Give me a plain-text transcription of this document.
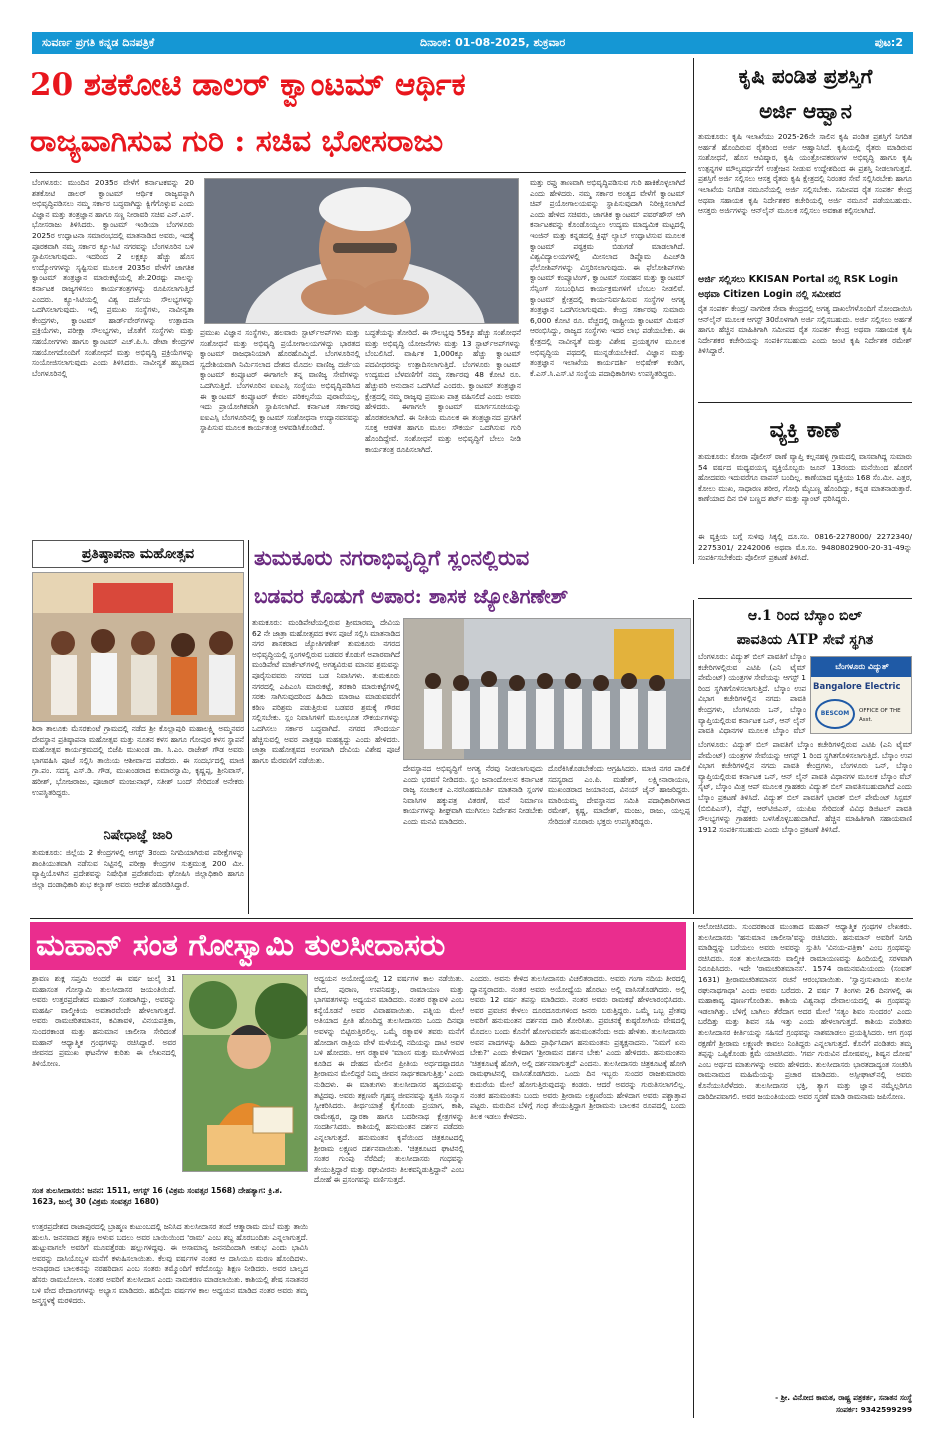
ಸುವರ್ಣ ಪ್ರಗತಿ ಕನ್ನಡ ದಿನಪತ್ರಿಕೆ	ದಿನಾಂಕ: 01-08-2025, ಶುಕ್ರವಾರ	ಪುಟ:2
20 ಶತಕೋಟಿ ಡಾಲರ್ ಕ್ವಾಂಟಮ್ ಆರ್ಥಿಕ
ರಾಜ್ಯವಾಗಿಸುವ ಗುರಿ : ಸಚಿವ ಭೋಸರಾಜು
ಬೆಂಗಳೂರು: ಮುಂದಿನ 2035ರ ವೇಳೆಗೆ ಕರ್ನಾಟಕವನ್ನು 20 ಶತಕೋಟಿ ಡಾಲರ್ ಕ್ವಾಂಟಮ್ ಆರ್ಥಿಕ ರಾಜ್ಯವನ್ನಾಗಿ ಅಭಿವೃದ್ಧಿಪಡಿಸಲು ನಮ್ಮ ಸರ್ಕಾರ ಬದ್ಧವಾಗಿದ್ದು ಕ್ವಿಗೆಗೊಳ್ಳುವ ಎಂದು ವಿಜ್ಞಾನ ಮತ್ತು ತಂತ್ರಜ್ಞಾನ ಹಾಗೂ ಸಣ್ಣ ನೀರಾವರಿ ಸಚಿವ ಎನ್.ಎಸ್. ಭೋಸರಾಜು ತಿಳಿಸಿದರು. ಕ್ವಾಂಟಮ್ ಇಂಡಿಯಾ ಬೆಂಗಳೂರು 2025ರ ಉದ್ಘಾಟನಾ ಸಮಾರಂಭದಲ್ಲಿ ಮಾತನಾಡಿದ ಅವರು, ಇದಕ್ಕೆ ಪೂರಕವಾಗಿ ನಮ್ಮ ಸರ್ಕಾರ ಕ್ಯೂ-ಸಿಟಿ ನಗರವನ್ನು ಬೆಂಗಳೂರಿನ ಬಳಿ ಸ್ಥಾಪಿಸಲಾಗುವುದು. ಇದರಿಂದ 2 ಲಕ್ಷಕ್ಕೂ ಹೆಚ್ಚು ಹೊಸ ಉದ್ಯೋಗಗಳನ್ನು ಸೃಷ್ಟಿಸುವ ಮೂಲಕ 2035ರ ವೇಳೆಗೆ ಜಾಗತಿಕ ಕ್ವಾಂಟಮ್ ತಂತ್ರಜ್ಞಾನ ಮಾರುಕಟ್ಟೆಯಲ್ಲಿ ಶೇ.20ರಷ್ಟು ಪಾಲನ್ನು ಕರ್ನಾಟಕ ರಾಜ್ಯಗಳಿಸಲು ಕಾರ್ಯತಂತ್ರಗಳನ್ನು ರೂಪಿಸಲಾಗುತ್ತಿದೆ ಎಂದರು. ಕ್ಯೂ-ಸಿಟಿಯಲ್ಲಿ ವಿಶ್ವ ದರ್ಜೆಯ ಸೌಲಭ್ಯಗಳನ್ನು ಒದಗಿಸಲಾಗುವುದು. ಇಲ್ಲಿ ಪ್ರಮುಖ ಸಂಸ್ಥೆಗಳು, ನಾವೀನ್ಯತಾ ಕೇಂದ್ರಗಳು, ಕ್ವಾಂಟಮ್ ಹಾರ್ಡ್‌ವೇರ್‌ಗಳನ್ನು ಉತ್ಪಾದನಾ ಪ್ರಕ್ರಿಯೆಗಳು, ಪರೀಕ್ಷಾ ಸೌಲಭ್ಯಗಳು, ಜೊತೆಗೆ ಸಂಸ್ಥೆಗಳು ಮತ್ತು ಸಹಯೋಗಗಳು ಹಾಗೂ ಕ್ವಾಂಟಮ್ ಎಚ್.ಪಿ.ಸಿ. ಡೇಟಾ ಕೇಂದ್ರಗಳ ಸಹಯೋಗದೊಂದಿಗೆ ಸಂಶೋಧನೆ ಮತ್ತು ಅಭಿವೃದ್ಧಿ ಪ್ರಕ್ರಿಯೆಗಳನ್ನು ಸಂಯೋಜಿಸಲಾಗುವುದು ಎಂದು ತಿಳಿಸಿದರು. ನಾವೀನ್ಯತೆ ಹಬ್ಬವಾದ ಬೆಂಗಳೂರಿನಲ್ಲಿ
ಪ್ರಮುಖ ವಿಜ್ಞಾನ ಸಂಸ್ಥೆಗಳು, ಹಲವಾರು ಸ್ಟಾರ್ಟ್‌ಅಪ್‌ಗಳು ಮತ್ತು ಸಂಶೋಧನೆ ಮತ್ತು ಅಭಿವೃದ್ಧಿ ಪ್ರಯೋಗಾಲಯಗಳಿದ್ದು ಭಾರತದ ಕ್ವಾಂಟಮ್ ರಾಜಧಾನಿಯಾಗಿ ಹೊರಹೊಮ್ಮಿದೆ. ಬೆಂಗಳೂರಿನಲ್ಲಿ ಸ್ವದೇಶಿಯವಾಗಿ ನಿರ್ಮಿಸಲಾದ ದೇಶದ ಮೊದಲ ವಾಣಿಜ್ಯ ದರ್ಜೆಯ ಕ್ವಾಂಟಮ್ ಕಂಪ್ಯೂಟರ್ ಈಗಾಗಲೇ ತನ್ನ ವಾಣಿಜ್ಯ ಸೇವೆಗಳನ್ನು ಒದಗಿಸುತ್ತಿದೆ. ಬೆಂಗಳೂರಿನ ಐಐಎಸ್ಸಿ ಸಂಸ್ಥೆಯು ಅಭಿವೃದ್ಧಿಪಡಿಸಿದ ಈ ಕ್ವಾಂಟಮ್ ಕಂಪ್ಯೂಟರ್ ಕೇವಲ ಪರಿಕಲ್ಪನೆಯ ಪುರಾವೆಯಲ್ಲ, ಇದು ಪ್ರಾಯೋಗಿಕವಾಗಿ ಸ್ಥಾಪಿಸಲಾಗಿದೆ. ಕರ್ನಾಟಕ ಸರ್ಕಾರವು ಐಐಎಸ್ಸಿ ಬೆಂಗಳೂರಿನಲ್ಲಿ ಕ್ವಾಂಟಮ್ ಸಂಶೋಧನಾ ಉದ್ಯಾನವನವನ್ನು ಸ್ಥಾಪಿಸುವ ಮೂಲಕ ಕಾರ್ಯತಂತ್ರ ಅಳವಡಿಸಿಕೊಂಡಿದೆ.
ಬದ್ಧತೆಯನ್ನು ತೋರಿದೆ. ಈ ಸೌಲಭ್ಯವು 55ಕ್ಕೂ ಹೆಚ್ಚು ಸಂಶೋಧನೆ ಮತ್ತು ಅಭಿವೃದ್ಧಿ ಯೋಜನೆಗಳು ಮತ್ತು 13 ಸ್ಟಾರ್ಟ್‌ಅಪ್‌ಗಳನ್ನು ಬೆಂಬಲಿಸಿದೆ. ವಾರ್ಷಿಕ 1,000ಕ್ಕೂ ಹೆಚ್ಚು ಕ್ವಾಂಟಮ್ ಪದವೀಧರರನ್ನು ಉತ್ಪಾದಿಸಲಾಗುತ್ತಿದೆ. ಬೆಂಗಳೂರು ಕ್ವಾಂಟಮ್ ಉದ್ಯಮದ ಬೆಳವಣಿಗೆಗೆ ನಮ್ಮ ಸರ್ಕಾರವು 48 ಕೋಟಿ ರೂ. ಹೆಚ್ಚುವರಿ ಅನುದಾನ ಒದಗಿಸಿದೆ ಎಂದರು. ಕ್ವಾಂಟಮ್ ತಂತ್ರಜ್ಞಾನ ಕ್ಷೇತ್ರದಲ್ಲಿ ನಮ್ಮ ರಾಜ್ಯವು ಪ್ರಮುಖ ಪಾತ್ರ ವಹಿಸಲಿದೆ ಎಂದು ಅವರು ಹೇಳಿದರು. ಈಗಾಗಲೇ ಕ್ವಾಂಟಮ್ ಮಾರ್ಗಸೂಚಿಯನ್ನು ಹೊರತರಲಾಗಿದೆ. ಈ ನೀತಿಯ ಮೂಲಕ ಈ ತಂತ್ರಜ್ಞಾನದ ಪ್ರಗತಿಗೆ ಸೂಕ್ತ ಆಡಳಿತ ಹಾಗೂ ಮೂಲ ಸೌಕರ್ಯ ಒದಗಿಸುವ ಗುರಿ ಹೊಂದಿದ್ದೇವೆ. ಸಂಶೋಧನೆ ಮತ್ತು ಅಭಿವೃದ್ಧಿಗೆ ಬೇಲು ನೀಡಿ ಕಾರ್ಯತಂತ್ರ ರೂಪಿಸಲಾಗಿದೆ.
ಮತ್ತು ರಫ್ತು ತಾಣವಾಗಿ ಅಭಿವೃದ್ಧಿಪಡಿಸುವ ಗುರಿ ಹಾಕಿಕೊಳ್ಳಲಾಗಿದೆ ಎಂದು ಹೇಳಿದರು. ನಮ್ಮ ಸರ್ಕಾರ ಅಂತ್ಯದ ವೇಳೆಗೆ ಕ್ವಾಂಟಮ್ ಚಿಪ್ ಪ್ರಯೋಗಾಲಯವನ್ನು ಸ್ಥಾಪಿಸುವುದಾಗಿ ನಿರೀಕ್ಷಿಸಲಾಗಿದೆ ಎಂದು ಹೇಳಿದ ಸಚಿವರು, ಜಾಗತಿಕ ಕ್ವಾಂಟಮ್ ಪವರ್‌ಹೌಸ್ ಆಗಿ ಕರ್ನಾಟಕವನ್ನು ಕೊಂಡೊಯ್ಯಲು ಉದ್ಯಮ ಮಾದ್ಯಮಿಕ ಮಟ್ಟದಲ್ಲಿ ಇಂಜಿನ್ ಮತ್ತು ಕನ್ನಡದಲ್ಲಿ ಕ್ರಿಪ್ಟ್ ಲ್ಯಾಬ್ ಉದ್ಘಾಟಿಸುವ ಮೂಲಕ ಕ್ವಾಂಟಮ್ ಪಠ್ಯಕ್ರಮ ಬಿಡುಗಡೆ ಮಾಡಲಾಗಿದೆ. ವಿಶ್ವವಿದ್ಯಾಲಯಗಳಲ್ಲಿ ಮೀಸಲಾದ ಡಿಪ್ಲೊಮ ಪಿಎಚ್‌ಡಿ ಫೆಲೋಶಿಪ್‌ಗಳನ್ನು ವಿಸ್ತರಿಸಲಾಗುವುದು. ಈ ಫೆಲೋಶಿಪ್‌ಗಳು ಕ್ವಾಂಟಮ್ ಕಂಪ್ಯೂಟಿಂಗ್, ಕ್ವಾಂಟಮ್ ಸಂವಹನ ಮತ್ತು ಕ್ವಾಂಟಮ್ ಸೆನ್ಸಿಂಗ್ ಸಂಬಂಧಿಸಿದ ಕಾರ್ಯಕ್ರಮಗಳಿಗೆ ಬೆಂಬಲ ನೀಡಲಿವೆ. ಕ್ವಾಂಟಮ್ ಕ್ಷೇತ್ರದಲ್ಲಿ ಕಾರ್ಯನಿರ್ವಹಿಸುವ ಸಂಸ್ಥೆಗಳ ಅಗತ್ಯ ತಂತ್ರಜ್ಞಾನ ಒದಗಿಸಲಾಗುವುದು. ಕೇಂದ್ರ ಸರ್ಕಾರವು ಸುಮಾರು 6,000 ಕೋಟಿ ರೂ. ವೆಚ್ಚದಲ್ಲಿ ರಾಷ್ಟ್ರೀಯ ಕ್ವಾಂಟಮ್ ಮಿಷನ್ ಆರಂಭಿಸಿದ್ದು, ರಾಜ್ಯದ ಸಂಸ್ಥೆಗಳು ಇದರ ಲಾಭ ಪಡೆಯಬೇಕು. ಈ ಕ್ಷೇತ್ರದಲ್ಲಿ ನಾವೀನ್ಯತೆ ಮತ್ತು ವಿಶೇಷ ಪ್ರಯತ್ನಗಳ ಮೂಲಕ ಅಭಿವೃದ್ಧಿಯ ಪಥದಲ್ಲಿ ಮುನ್ನಡೆಯಬೇಕಿದೆ. ವಿಜ್ಞಾನ ಮತ್ತು ತಂತ್ರಜ್ಞಾನ ಇಲಾಖೆಯ ಕಾರ್ಯದರ್ಶಿ ಅಭಿಷೇಕ್ ಕಂಡಿಗ, ಕೆ.ಎಸ್.ಸಿ.ಎಸ್.ಟಿ ಸಂಸ್ಥೆಯ ಪದಾಧಿಕಾರಿಗಳು ಉಪಸ್ಥಿತರಿದ್ದರು.
ಕೃಷಿ ಪಂಡಿತ ಪ್ರಶಸ್ತಿಗೆ
ಅರ್ಜಿ ಆಹ್ವಾನ
ತುಮಕೂರು: ಕೃಷಿ ಇಲಾಖೆಯು 2025-26ನೇ ಸಾಲಿನ ಕೃಷಿ ಪಂಡಿತ ಪ್ರಶಸ್ತಿಗೆ ನಿಗದಿತ ಅರ್ಹತೆ ಹೊಂದಿರುವ ರೈತರಿಂದ ಅರ್ಜಿ ಆಹ್ವಾನಿಸಿದೆ. ಕೃಷಿಯಲ್ಲಿ ರೈತರು ಮಾಡಿರುವ ಸಂಶೋಧನೆ, ಹೊಸ ಆವಿಷ್ಕಾರ, ಕೃಷಿ ಯಂತ್ರೋಪಕರಣಗಳ ಅಭಿವೃದ್ಧಿ ಹಾಗೂ ಕೃಷಿ ಉತ್ಪನ್ನಗಳ ಮೌಲ್ಯವರ್ಧನೆಗೆ ಉತ್ತೇಜನ ನೀಡುವ ಉದ್ದೇಶದಿಂದ ಈ ಪ್ರಶಸ್ತಿ ನೀಡಲಾಗುತ್ತದೆ. ಪ್ರಶಸ್ತಿಗೆ ಅರ್ಜಿ ಸಲ್ಲಿಸಲು ಆಸಕ್ತ ರೈತರು ಕೃಷಿ ಕ್ಷೇತ್ರದಲ್ಲಿ ನಿರಂತರ ಸೇವೆ ಸಲ್ಲಿಸಿರಬೇಕು ಹಾಗೂ ಇಲಾಖೆಯ ನಿಗದಿತ ನಮೂನೆಯಲ್ಲಿ ಅರ್ಜಿ ಸಲ್ಲಿಸಬೇಕು. ಸಮೀಪದ ರೈತ ಸಂಪರ್ಕ ಕೇಂದ್ರ ಅಥವಾ ಸಹಾಯಕ ಕೃಷಿ ನಿರ್ದೇಶಕರ ಕಚೇರಿಯಲ್ಲಿ ಅರ್ಜಿ ನಮೂನೆ ಪಡೆಯಬಹುದು. ಆಸಕ್ತರು ಅರ್ಜಿಗಳನ್ನು ಆನ್‌ಲೈನ್ ಮೂಲಕ ಸಲ್ಲಿಸಲು ಅವಕಾಶ ಕಲ್ಪಿಸಲಾಗಿದೆ.
ಅರ್ಜಿ ಸಲ್ಲಿಸಲು KKISAN Portal ನಲ್ಲಿ RSK Login ಅಥವಾ Citizen Login ನಲ್ಲಿ ಸಮೀಪದ
ರೈತ ಸಂಪರ್ಕ ಕೇಂದ್ರ/ ನಾಗರೀಕ ಸೇವಾ ಕೇಂದ್ರದಲ್ಲಿ ಅಗತ್ಯ ದಾಖಲೆಗಳೊಂದಿಗೆ ನೋಂದಾಯಿಸಿ ಆನ್‌ಲೈನ್ ಮೂಲಕ ಆಗಸ್ಟ್ 30ರೊಳಗಾಗಿ ಅರ್ಜಿ ಸಲ್ಲಿಸಬಹುದು. ಅರ್ಜಿ ಸಲ್ಲಿಸಲು ಅರ್ಹತೆ ಹಾಗೂ ಹೆಚ್ಚಿನ ಮಾಹಿತಿಗಾಗಿ ಸಮೀಪದ ರೈತ ಸಂಪರ್ಕ ಕೇಂದ್ರ ಅಥವಾ ಸಹಾಯಕ ಕೃಷಿ ನಿರ್ದೇಶಕರ ಕಚೇರಿಯನ್ನು ಸಂಪರ್ಕಿಸಬಹುದು ಎಂದು ಜಂಟಿ ಕೃಷಿ ನಿರ್ದೇಶಕ ರಮೇಶ್ ತಿಳಿಸಿದ್ದಾರೆ.
ವ್ಯಕ್ತಿ ಕಾಣೆ
ತುಮಕೂರು: ಕೋರಾ ಪೊಲೀಸ್ ಠಾಣೆ ವ್ಯಾಪ್ತಿ ಕಲ್ಲನಹಳ್ಳಿ ಗ್ರಾಮದಲ್ಲಿ ವಾಸವಾಗಿದ್ದ ಸುಮಾರು 54 ವರ್ಷದ ಮಧ್ಯವಯಸ್ಕ ವ್ಯಕ್ತಿಯೊಬ್ಬರು ಜೂನ್ 13ರಂದು ಮನೆಯಿಂದ ಹೊರಗೆ ಹೋದವರು ಇದುವರೆಗೂ ವಾಪಸ್ ಬಂದಿಲ್ಲ. ಕಾಣೆಯಾದ ವ್ಯಕ್ತಿಯು 168 ಸೆಂ.ಮೀ. ಎತ್ತರ, ಕೋಲು ಮುಖ, ಸಾಧಾರಣ ಶರೀರ, ಗೋಧಿ ಮೈಬಣ್ಣ ಹೊಂದಿದ್ದು, ಕನ್ನಡ ಮಾತನಾಡುತ್ತಾರೆ. ಕಾಣೆಯಾದ ದಿನ ಬಿಳಿ ಬಣ್ಣದ ಶರ್ಟ್ ಮತ್ತು ಪ್ಯಾಂಟ್ ಧರಿಸಿದ್ದರು.
ಈ ವ್ಯಕ್ತಿಯ ಬಗ್ಗೆ ಸುಳಿವು ಸಿಕ್ಕಲ್ಲಿ ದೂ.ಸಂ. 0816-2278000/ 2272340/ 2275301/ 2242006 ಅಥವಾ ಮೊ.ಸಂ. 9480802900-20-31-49ನ್ನು ಸಂಪರ್ಕಿಸಬೇಕೆಂದು ಪೊಲೀಸ್ ಪ್ರಕಟಣೆ ತಿಳಿಸಿದೆ.
ಪ್ರತಿಷ್ಠಾಪನಾ ಮಹೋತ್ಸವ
ಶಿರಾ ತಾಲೂಕು ಮೆಸರಕುಂಟೆ ಗ್ರಾಮದಲ್ಲಿ ನಡೆದ ಶ್ರೀ ಕೊಲ್ಲಾಪುರಿ ಮಹಾಲಕ್ಷ್ಮಿ ಅಮ್ಮನವರ ದೇವಸ್ಥಾನ ಪ್ರತಿಷ್ಠಾಪನಾ ಮಹೋತ್ಸವ ಮತ್ತು ನೂತನ ಕಳಸ ಹಾಗೂ ಗೋಪುರ ಕಳಸ ಸ್ಥಾಪನೆ ಮಹೋತ್ಸವ ಕಾರ್ಯಕ್ರಮದಲ್ಲಿ ಬಿಜೆಪಿ ಮುಖಂಡ ಡಾ. ಸಿ.ಎಂ. ರಾಜೇಶ್ ಗೌಡ ಅವರು ಭಾಗವಹಿಸಿ ಪೂಜೆ ಸಲ್ಲಿಸಿ ತಾಯಿಯ ಆಶೀರ್ವಾದ ಪಡೆದರು. ಈ ಸಂದರ್ಭದಲ್ಲಿ ಮಾಜಿ ಗ್ರಾ.ಪಂ. ಸದಸ್ಯ ಎಸ್.ಡಿ. ಗೌಡ, ಮುಖಂಡರಾದ ಕುಮಾರಸ್ವಾಮಿ, ಕೃಷ್ಣಪ್ಪ, ಶ್ರೀನಿವಾಸ್, ಹರೀಶ್, ಭೋಜರಾಜು, ಪೂಜಾರ್ ಮಂಜುನಾಥ್, ಸತೀಶ್ ಬಂದ್ ಸೇರಿದಂತೆ ಅನೇಕರು ಉಪಸ್ಥಿತರಿದ್ದರು.
ನಿಷೇಧಾಜ್ಞೆ ಜಾರಿ
ತುಮಕೂರು: ಜಿಲ್ಲೆಯ 2 ಕೇಂದ್ರಗಳಲ್ಲಿ ಆಗಸ್ಟ್ 3ರಂದು ನಿಗದಿಯಾಗಿರುವ ಪರೀಕ್ಷೆಗಳನ್ನು ಶಾಂತಿಯುತವಾಗಿ ನಡೆಸುವ ನಿಟ್ಟಿನಲ್ಲಿ ಪರೀಕ್ಷಾ ಕೇಂದ್ರಗಳ ಸುತ್ತಮುತ್ತ 200 ಮೀ. ವ್ಯಾಪ್ತಿಯೊಳಗಿನ ಪ್ರದೇಶವನ್ನು ನಿಷೇಧಿತ ಪ್ರದೇಶವೆಂದು ಘೋಷಿಸಿ ಜಿಲ್ಲಾಧಿಕಾರಿ ಹಾಗೂ ಜಿಲ್ಲಾ ದಂಡಾಧಿಕಾರಿ ಶುಭ ಕಲ್ಯಾಣ್ ಅವರು ಆದೇಶ ಹೊರಡಿಸಿದ್ದಾರೆ.
ತುಮಕೂರು ನಗರಾಭಿವೃದ್ಧಿಗೆ ಸ್ಲಂನಲ್ಲಿರುವ
ಬಡವರ ಕೊಡುಗೆ ಅಪಾರ: ಶಾಸಕ ಜ್ಯೋತಿಗಣೇಶ್
ತುಮಕೂರು: ಮಂಡಿಪೇಟೆಯಲ್ಲಿರುವ ಶ್ರೀಮಾರಮ್ಮ ದೇವಿಯ 62 ನೇ ಜಾತ್ರಾ ಮಹೋತ್ಸವದ ಕಳಸ ಪೂಜೆ ಸಲ್ಲಿಸಿ ಮಾತನಾಡಿದ ನಗರ ಶಾಸಕರಾದ ಜ್ಯೋತಿಗಣೇಶ್ ತುಮಕೂರು ನಗರದ ಅಭಿವೃದ್ಧಿಯಲ್ಲಿ ಸ್ಲಂಗಳಲ್ಲಿರುವ ಬಡವರ ಕೊಡುಗೆ ಅಪಾರವಾಗಿದೆ ಮಂಡಿಪೇಟೆ ಮಾರ್ಕೆಟ್‌ಗಳಲ್ಲಿ ಅಗತ್ಯವಿರುವ ಮಾನವ ಶ್ರಮವನ್ನು ಪೂರೈಸುವವರು ನಗರದ ಬಡ ನಿವಾಸಿಗಳು. ತುಮಕೂರು ನಗರದಲ್ಲಿ ಎಪಿಎಂಸಿ ಮಾರುಕಟ್ಟೆ, ತರಕಾರಿ ಮಾರುಕಟ್ಟೆಗಳಲ್ಲಿ ಸರಕು ಸಾಗಿಸುವುದರಿಂದ ಹಿಡಿದು ಮಾರಾಟ ಮಾಡುವವರೆಗೆ ಕಠಿಣ ಪರಿಶ್ರಮ ಪಡುತ್ತಿರುವ ಬಡವರ ಶ್ರಮಕ್ಕೆ ಗೌರವ ಸಲ್ಲಿಸಬೇಕು. ಸ್ಲಂ ನಿವಾಸಿಗಳಿಗೆ ಮೂಲಭೂತ ಸೌಕರ್ಯಗಳನ್ನು ಒದಗಿಸಲು ಸರ್ಕಾರ ಬದ್ಧವಾಗಿದೆ. ನಗರದ ಸೌಂದರ್ಯ ಹೆಚ್ಚಿಸುವಲ್ಲಿ ಅವರ ಪಾತ್ರವೂ ಮಹತ್ವದ್ದು ಎಂದು ಹೇಳಿದರು. ಜಾತ್ರಾ ಮಹೋತ್ಸವದ ಅಂಗವಾಗಿ ದೇವಿಯ ವಿಶೇಷ ಪೂಜೆ ಹಾಗೂ ಮೆರವಣಿಗೆ ನಡೆಯಿತು.
ದೇವಸ್ಥಾನದ ಅಭಿವೃದ್ಧಿಗೆ ಅಗತ್ಯ ನೆರವು ನೀಡಲಾಗುವುದು ಎಂದು ಭರವಸೆ ನೀಡಿದರು. ಸ್ಲಂ ಜನಾಂದೋಲನ ಕರ್ನಾಟಕ ರಾಜ್ಯ ಸಂಚಾಲಕ ಎ.ನರಸಿಂಹಮೂರ್ತಿ ಮಾತನಾಡಿ ಸ್ಲಂಗಳ ನಿವಾಸಿಗಳ ಹಕ್ಕುಪತ್ರ ವಿತರಣೆ, ಮನೆ ನಿರ್ಮಾಣ ಕಾರ್ಯಗಳನ್ನು ಶೀಘ್ರವಾಗಿ ಮುಗಿಸಲು ನಿರ್ದೇಶನ ನೀಡಬೇಕು ಎಂದು ಮನವಿ ಮಾಡಿದರು.
ದೊರೆಕಿಸಿಕೊಡಬೇಕೆಂದು ಆಗ್ರಹಿಸಿದರು. ಮಾಜಿ ನಗರ ಪಾಲಿಕೆ ಸದಸ್ಯರಾದ ಎಂ.ಪಿ. ಮಹೇಶ್, ಲಕ್ಷ್ಮೀನಾರಾಯಣ, ಮುಖಂಡರಾದ ಜಯಾನಂದ, ವಿನಯ್ ಜೈನ್ ಹಾಜರಿದ್ದರು. ಮಾರಿಯಮ್ಮ ದೇವಸ್ಥಾನದ ಸಮಿತಿ ಪದಾಧಿಕಾರಿಗಳಾದ ರಮೇಶ್, ಕೃಷ್ಣ, ಮಾದೇಶ್, ಮಂಜು, ರಾಜು, ಯಲ್ಲಪ್ಪ ಸೇರಿದಂತೆ ನೂರಾರು ಭಕ್ತರು ಉಪಸ್ಥಿತರಿದ್ದರು.
ಆ.1 ರಿಂದ ಬೆಸ್ಕಾಂ ಬಿಲ್
ಪಾವತಿಯ ATP ಸೇವೆ ಸ್ಥಗಿತ
ಬೆಂಗಳೂರು: ವಿದ್ಯುತ್ ಬಿಲ್ ಪಾವತಿಗೆ ಬೆಸ್ಕಾಂ ಕಚೇರಿಗಳಲ್ಲಿರುವ ಎಟಿಪಿ (ಎನಿ ಟೈಮ್ ಪೇಮೆಂಟ್) ಯಂತ್ರಗಳ ಸೇವೆಯನ್ನು ಆಗಸ್ಟ್ 1 ರಿಂದ ಸ್ಥಗಿತಗೊಳಿಸಲಾಗುತ್ತಿದೆ. ಬೆಸ್ಕಾಂ ಉಪ ವಿಭಾಗ ಕಚೇರಿಗಳಲ್ಲಿನ ನಗದು ಪಾವತಿ ಕೇಂದ್ರಗಳು, ಬೆಂಗಳೂರು ಒನ್, ಬೆಸ್ಕಾಂ ವ್ಯಾಪ್ತಿಯಲ್ಲಿರುವ ಕರ್ನಾಟಕ ಒನ್, ಆನ್ ಲೈನ್ ಪಾವತಿ ವಿಧಾನಗಳ ಮೂಲಕ ಬೆಸ್ಕಾಂ ವೆಬ್
ಬೆಂಗಳೂರು ವಿದ್ಯುತ್
Bangalore Electric
BESCOM	OFFICE OF THE Asst.
ಬೆಂಗಳೂರು: ವಿದ್ಯುತ್ ಬಿಲ್ ಪಾವತಿಗೆ ಬೆಸ್ಕಾಂ ಕಚೇರಿಗಳಲ್ಲಿರುವ ಎಟಿಪಿ (ಎನಿ ಟೈಮ್ ಪೇಮೆಂಟ್) ಯಂತ್ರಗಳ ಸೇವೆಯನ್ನು ಆಗಸ್ಟ್ 1 ರಿಂದ ಸ್ಥಗಿತಗೊಳಿಸಲಾಗುತ್ತಿದೆ. ಬೆಸ್ಕಾಂ ಉಪ ವಿಭಾಗ ಕಚೇರಿಗಳಲ್ಲಿನ ನಗದು ಪಾವತಿ ಕೇಂದ್ರಗಳು, ಬೆಂಗಳೂರು ಒನ್, ಬೆಸ್ಕಾಂ ವ್ಯಾಪ್ತಿಯಲ್ಲಿರುವ ಕರ್ನಾಟಕ ಒನ್, ಆನ್ ಲೈನ್ ಪಾವತಿ ವಿಧಾನಗಳ ಮೂಲಕ ಬೆಸ್ಕಾಂ ವೆಬ್ ಸೈಟ್, ಬೆಸ್ಕಾಂ ಮಿತ್ರ ಆಪ್ ಮೂಲಕ ಗ್ರಾಹಕರು ವಿದ್ಯುತ್ ಬಿಲ್ ಪಾವತಿಸಬಹುದಾಗಿದೆ ಎಂದು ಬೆಸ್ಕಾಂ ಪ್ರಕಟಣೆ ತಿಳಿಸಿದೆ. ವಿದ್ಯುತ್ ಬಿಲ್ ಪಾವತಿಗೆ ಭಾರತ್ ಬಿಲ್ ಪೇಮೆಂಟ್ ಸಿಸ್ಟಮ್ (ಬಿಬಿಪಿಎಸ್), ನೆಫ್ಟ್, ಆರ್‌ಟಿಜಿಎಸ್, ಯುಪಿಐ ಸೇರಿದಂತೆ ವಿವಿಧ ಡಿಜಿಟಲ್ ಪಾವತಿ ಸೌಲಭ್ಯಗಳನ್ನು ಗ್ರಾಹಕರು ಬಳಸಿಕೊಳ್ಳಬಹುದಾಗಿದೆ. ಹೆಚ್ಚಿನ ಮಾಹಿತಿಗಾಗಿ ಸಹಾಯವಾಣಿ 1912 ಸಂಪರ್ಕಿಸಬಹುದು ಎಂದು ಬೆಸ್ಕಾಂ ಪ್ರಕಟಣೆ ತಿಳಿಸಿದೆ.
ಮಹಾನ್ ಸಂತ ಗೋಸ್ವಾಮಿ ತುಲಸೀದಾಸರು
ಶ್ರಾವಣ ಶುಕ್ಲ ಸಪ್ತಮಿ ಅಂದರೆ ಈ ವರ್ಷ ಜುಲೈ 31 ಮಹಾಸಂತ ಗೋಸ್ವಾಮಿ ತುಲಸೀದಾಸರ ಜಯಂತಿಯಿದೆ. ಅವರು ಉತ್ತರಪ್ರದೇಶದ ಮಹಾನ್ ಸಂತರಾಗಿದ್ದು, ಅವರನ್ನು ಮಹರ್ಷಿ ವಾಲ್ಮೀಕಿಯ ಅವತಾರವೆಂದೇ ಹೇಳಲಾಗುತ್ತದೆ. ಅವರು ರಾಮಚರಿತಮಾನಸ, ಕವಿತಾವಳಿ, ವಿನಯಪತ್ರಿಕಾ, ಸುಂದರಕಾಂಡ ಮತ್ತು ಹನುಮಾನ ಚಾಲೀಸಾ ಸೇರಿದಂತೆ ಮಹಾನ್ ಆಧ್ಯಾತ್ಮಿಕ ಗ್ರಂಥಗಳನ್ನು ರಚಿಸಿದ್ದಾರೆ. ಅವರ ಜೀವನದ ಪ್ರಮುಖ ಘಟನೆಗಳ ಕುರಿತು ಈ ಲೇಖನದಲ್ಲಿ ತಿಳಿಯೋಣ.
ಸಂತ ತುಲಸೀದಾಸರು: ಜನನ: 1511, ಆಗಸ್ಟ್ 16 (ವಿಕ್ರಮ ಸಂವತ್ಸರ 1568) ದೇಹತ್ಯಾಗ: ಕ್ರಿ.ಶ. 1623, ಜುಲೈ 30 (ವಿಕ್ರಮ ಸಂವತ್ಸರ 1680)
ಉತ್ತರಪ್ರದೇಶದ ರಾಜಾಪುರದಲ್ಲಿ ಬ್ರಾಹ್ಮಣ ಕುಟುಂಬದಲ್ಲಿ ಜನಿಸಿದ ತುಲಸೀದಾಸರ ತಂದೆ ಆತ್ಮಾರಾಮ ದುಬೆ ಮತ್ತು ತಾಯಿ ಹುಲಸಿ. ಜನನವಾದ ತಕ್ಷಣ ಅಳುವ ಬದಲು ಅವರ ಬಾಯಿಯಿಂದ 'ರಾಮ' ಎಂಬ ಶಬ್ದ ಹೊರಬಂದಿತು ಎನ್ನಲಾಗುತ್ತದೆ. ಹುಟ್ಟುವಾಗಲೇ ಅವರಿಗೆ ಮೂವತ್ತೆರಡು ಹಲ್ಲುಗಳಿದ್ದವು. ಈ ಅಸಾಮಾನ್ಯ ಜನನದಿಂದಾಗಿ ಅಶುಭ ಎಂದು ಭಾವಿಸಿ ಅವರನ್ನು ದಾಸಿಯೊಬ್ಬಳ ಮನೆಗೆ ಕಳುಹಿಸಲಾಯಿತು. ಕೆಲವು ವರ್ಷಗಳ ನಂತರ ಆ ದಾಸಿಯೂ ಮರಣ ಹೊಂದಿದಳು. ಅನಾಥರಾದ ಬಾಲಕನನ್ನು ನರಹರಿದಾಸ ಎಂಬ ಸಂತರು ತಮ್ಮೊಂದಿಗೆ ಕರೆದೊಯ್ದು ಶಿಕ್ಷಣ ನೀಡಿದರು. ಅವರ ಬಾಲ್ಯದ ಹೆಸರು ರಾಮಬೋಲಾ. ನಂತರ ಅವರಿಗೆ ತುಲಸೀದಾಸ ಎಂದು ನಾಮಕರಣ ಮಾಡಲಾಯಿತು. ಕಾಶಿಯಲ್ಲಿ ಶೇಷ ಸನಾತನರ ಬಳಿ ವೇದ ವೇದಾಂಗಗಳನ್ನು ಅಭ್ಯಾಸ ಮಾಡಿದರು. ಹದಿನೈದು ವರ್ಷಗಳ ಕಾಲ ಅಧ್ಯಯನ ಮಾಡಿದ ನಂತರ ಅವರು ತಮ್ಮ ಜನ್ಮಸ್ಥಳಕ್ಕೆ ಮರಳಿದರು.
ಅಧ್ಯಯನ ಅಯೋಧ್ಯೆಯಲ್ಲಿ 12 ವರ್ಷಗಳ ಕಾಲ ನಡೆಯಿತು. ವೇದ, ಪುರಾಣ, ಉಪನಿಷತ್ತು, ರಾಮಾಯಣ ಮತ್ತು ಭಾಗವತಗಳನ್ನು ಅಧ್ಯಯನ ಮಾಡಿದರು. ನಂತರ ರತ್ನಾವಳಿ ಎಂಬ ಕನ್ಯೆಯೊಡನೆ ಅವರ ವಿವಾಹವಾಯಿತು. ಪತ್ನಿಯ ಮೇಲೆ ಅತಿಯಾದ ಪ್ರೀತಿ ಹೊಂದಿದ್ದ ತುಲಸೀದಾಸರು ಒಂದು ದಿನವೂ ಅವಳನ್ನು ಬಿಟ್ಟಿರುತ್ತಿರಲಿಲ್ಲ. ಒಮ್ಮೆ ರತ್ನಾವಳಿ ತವರು ಮನೆಗೆ ಹೋದಾಗ ರಾತ್ರಿಯ ವೇಳೆ ಮಳೆಯಲ್ಲಿ ನದಿಯನ್ನು ದಾಟಿ ಅವಳ ಬಳಿ ಹೋದರು. ಆಗ ರತ್ನಾವಳಿ 'ಮಾಂಸ ಮತ್ತು ಮೂಳೆಗಳಿಂದ ಕೂಡಿದ ಈ ದೇಹದ ಮೇಲಿನ ಪ್ರೀತಿಯ ಅರ್ಧದಷ್ಟಾದರೂ ಶ್ರೀರಾಮನ ಮೇಲಿದ್ದರೆ ನಿಮ್ಮ ಜೀವನ ಸಾರ್ಥಕವಾಗುತ್ತಿತ್ತು' ಎಂದು ನುಡಿದಳು. ಈ ಮಾತುಗಳು ತುಲಸೀದಾಸರ ಹೃದಯವನ್ನು ತಟ್ಟಿದವು. ಅವರು ತಕ್ಷಣವೇ ಗೃಹಸ್ಥ ಜೀವನವನ್ನು ತ್ಯಜಿಸಿ ಸಂನ್ಯಾಸ ಸ್ವೀಕರಿಸಿದರು. ತೀರ್ಥಯಾತ್ರೆ ಕೈಗೊಂಡು ಪ್ರಯಾಗ, ಕಾಶಿ, ರಾಮೇಶ್ವರ, ದ್ವಾರಕಾ ಹಾಗೂ ಬದರೀನಾಥ ಕ್ಷೇತ್ರಗಳನ್ನು ಸಂದರ್ಶಿಸಿದರು. ಕಾಶಿಯಲ್ಲಿ ಹನುಮಂತನ ದರ್ಶನ ಪಡೆದರು ಎನ್ನಲಾಗುತ್ತದೆ. ಹನುಮಂತನ ಕೃಪೆಯಿಂದ ಚಿತ್ರಕೂಟದಲ್ಲಿ ಶ್ರೀರಾಮ ಲಕ್ಷ್ಮಣರ ದರ್ಶನವಾಯಿತು. 'ಚಿತ್ರಕೂಟದ ಘಾಟಿನಲ್ಲಿ ಸಂತರ ಗುಂಪು ನೆರೆದಿದೆ; ತುಲಸೀದಾಸರು ಗಂಧವನ್ನು ತೇಯುತ್ತಿದ್ದಾರೆ ಮತ್ತು ರಘುವೀರನು ತಿಲಕವನ್ನಿಡುತ್ತಿದ್ದಾನೆ' ಎಂಬ ದೋಹೆ ಈ ಪ್ರಸಂಗವನ್ನು ವರ್ಣಿಸುತ್ತದೆ.
ಎಂದರು. ಅವನು ಕೇಳಿದ ತುಲಸೀದಾಸರು ವಿಚಲಿತರಾದರು. ಅವರು ಗಂಗಾ ನದಿಯ ತೀರದಲ್ಲಿ ಧ್ಯಾನಸ್ಥರಾದರು. ನಂತರ ಅವರು ಅಯೋಧ್ಯೆಯ ಹೊರಟು ಅಲ್ಲಿ ವಾಸಿಸತೊಡಗಿದರು. ಅಲ್ಲಿ ಅವರು 12 ವರ್ಷ ತಪಸ್ಸು ಮಾಡಿದರು. ನಂತರ ಅವರು ರಾಮಕಥೆ ಹೇಳಲಾರಂಭಿಸಿದರು. ಅವರ ಪ್ರವಚನ ಕೇಳಲು ದೂರದೂರುಗಳಿಂದ ಜನರು ಬರುತ್ತಿದ್ದರು. ಒಮ್ಮೆ ಒಬ್ಬ ಪ್ರೇತವು ಅವರಿಗೆ ಹನುಮಂತನ ದರ್ಶನದ ದಾರಿ ತೋರಿಸಿತು. ಪ್ರವಚನಕ್ಕೆ ಕುಷ್ಠರೋಗಿಯ ವೇಷದಲ್ಲಿ ಮೊದಲು ಬಂದು ಕೊನೆಗೆ ಹೋಗುವವನೇ ಹನುಮಂತನೆಂದು ಅದು ಹೇಳಿತು. ತುಲಸೀದಾಸರು ಅವನ ಪಾದಗಳನ್ನು ಹಿಡಿದು ಪ್ರಾರ್ಥಿಸಿದಾಗ ಹನುಮಂತನು ಪ್ರತ್ಯಕ್ಷನಾದನು. 'ನಿಮಗೆ ಏನು ಬೇಕು?' ಎಂದು ಕೇಳಿದಾಗ 'ಶ್ರೀರಾಮನ ದರ್ಶನ ಬೇಕು' ಎಂದು ಹೇಳಿದರು. ಹನುಮಂತನು 'ಚಿತ್ರಕೂಟಕ್ಕೆ ಹೋಗಿ, ಅಲ್ಲಿ ದರ್ಶನವಾಗುತ್ತದೆ' ಎಂದನು. ತುಲಸೀದಾಸರು ಚಿತ್ರಕೂಟಕ್ಕೆ ಹೋಗಿ ರಾಮಘಾಟಿನಲ್ಲಿ ವಾಸಿಸತೊಡಗಿದರು. ಒಂದು ದಿನ ಇಬ್ಬರು ಸುಂದರ ರಾಜಕುಮಾರರು ಕುದುರೆಯ ಮೇಲೆ ಹೋಗುತ್ತಿರುವುದನ್ನು ಕಂಡರು. ಆದರೆ ಅವರನ್ನು ಗುರುತಿಸಲಾಗಲಿಲ್ಲ. ನಂತರ ಹನುಮಂತನು ಬಂದು ಅವರು ಶ್ರೀರಾಮ ಲಕ್ಷ್ಮಣರೆಂದು ಹೇಳಿದಾಗ ಅವರು ಪಶ್ಚಾತ್ತಾಪ ಪಟ್ಟರು. ಮರುದಿನ ಬೆಳಿಗ್ಗೆ ಗಂಧ ತೇಯುತ್ತಿದ್ದಾಗ ಶ್ರೀರಾಮನು ಬಾಲಕನ ರೂಪದಲ್ಲಿ ಬಂದು ತಿಲಕ ಇಡಲು ಕೇಳಿದನು.
ಆಲೋಚಿಸಿದರು. ಸುಂದರಕಾಂಡ ಮುಂತಾದ ಮಹಾನ್ ಆಧ್ಯಾತ್ಮಿಕ ಗ್ರಂಥಗಳ ಲೇಖಕರು. ತುಲಸೀದಾಸರು 'ಹನುಮಾನ ಚಾಲೀಸಾ'ವನ್ನು ರಚಿಸಿದರು. ಹನುಮಾನ್ ಅವರಿಗೆ ನಿಗದಿ ಮಾಡಿದ್ದನ್ನು ಬರೆಯಲು ಅವರು ಅವರನ್ನು ಸ್ತುತಿಸಿ 'ವಿನಯ-ಪತ್ರಿಕಾ' ಎಂಬ ಗ್ರಂಥವನ್ನು ರಚಿಸಿದರು. ಸಂತ ತುಲಸೀದಾಸರು ವಾಲ್ಮೀಕಿ ರಾಮಾಯಣವನ್ನು ಹಿಂದಿಯಲ್ಲಿ ಸರಳವಾಗಿ ನಿರೂಪಿಸಿದರು. ಇದೇ 'ರಾಮಚರಿತಮಾನಸ'. 1574 ರಾಮನವಮಿಯಂದು (ಸಂವತ್ 1631) ಶ್ರೀರಾಮಚರಿತಮಾನಸ ರಚನೆ ಆರಂಭವಾಯಿತು. 'ಸ್ವಾನ್ತಃಸುಖಾಯ ತುಲಸೀ ರಘುನಾಥಗಾಥಾ' ಎಂದು ಅವರು ಬರೆದರು. 2 ವರ್ಷ 7 ತಿಂಗಳು 26 ದಿನಗಳಲ್ಲಿ ಈ ಮಹಾಕಾವ್ಯ ಪೂರ್ಣಗೊಂಡಿತು. ಕಾಶಿಯ ವಿಶ್ವನಾಥ ದೇವಾಲಯದಲ್ಲಿ ಈ ಗ್ರಂಥವನ್ನು ಇಡಲಾಗಿತ್ತು. ಬೆಳಿಗ್ಗೆ ಬಾಗಿಲು ತೆರೆದಾಗ ಅದರ ಮೇಲೆ 'ಸತ್ಯಂ ಶಿವಂ ಸುಂದರಂ' ಎಂದು ಬರೆದಿತ್ತು ಮತ್ತು ಶಿವನ ಸಹಿ ಇತ್ತು ಎಂದು ಹೇಳಲಾಗುತ್ತದೆ. ಕಾಶಿಯ ಪಂಡಿತರು ತುಲಸೀದಾಸರ ಕೀರ್ತಿಯನ್ನು ಸಹಿಸದೆ ಗ್ರಂಥವನ್ನು ನಾಶಮಾಡಲು ಪ್ರಯತ್ನಿಸಿದರು. ಆಗ ಗ್ರಂಥ ರಕ್ಷಣೆಗೆ ಶ್ರೀರಾಮ ಲಕ್ಷ್ಮಣರೇ ಕಾವಲು ನಿಂತಿದ್ದರು ಎನ್ನಲಾಗುತ್ತದೆ. ಕೊನೆಗೆ ಪಂಡಿತರು ತಮ್ಮ ತಪ್ಪನ್ನು ಒಪ್ಪಿಕೊಂಡು ಕ್ಷಮೆ ಯಾಚಿಸಿದರು. 'ಗರ್ವ ಗುರುವಿನ ದೋಷವಲ್ಲ, ಶಿಷ್ಯನ ದೋಷ' ಎಂಬ ಅರ್ಥದ ಮಾತುಗಳನ್ನು ಅವರು ಹೇಳಿದರು. ತುಲಸೀದಾಸರು ಭಾರತದಾದ್ಯಂತ ಸಂಚರಿಸಿ ರಾಮನಾಮದ ಮಹಿಮೆಯನ್ನು ಪ್ರಚಾರ ಮಾಡಿದರು. ಅಸ್ಸೀಘಾಟ್‌ನಲ್ಲಿ ಅವರು ಕೊನೆಯುಸಿರೆಳೆದರು. ತುಲಸೀದಾಸರ ಭಕ್ತಿ, ತ್ಯಾಗ ಮತ್ತು ಜ್ಞಾನ ನಮ್ಮೆಲ್ಲರಿಗೂ ದಾರಿದೀಪವಾಗಲಿ. ಅವರ ಜಯಂತಿಯಂದು ಅವರ ಸ್ಮರಣೆ ಮಾಡಿ ರಾಮನಾಮ ಜಪಿಸೋಣ.
- ಶ್ರೀ. ವಿನೋದ ಕಾಮತ, ರಾಷ್ಟ್ರ ಪತ್ರಕರ್ತ, ಸನಾತನ ಸಂಸ್ಥೆ
ಸಂಪರ್ಕ: 9342599299
